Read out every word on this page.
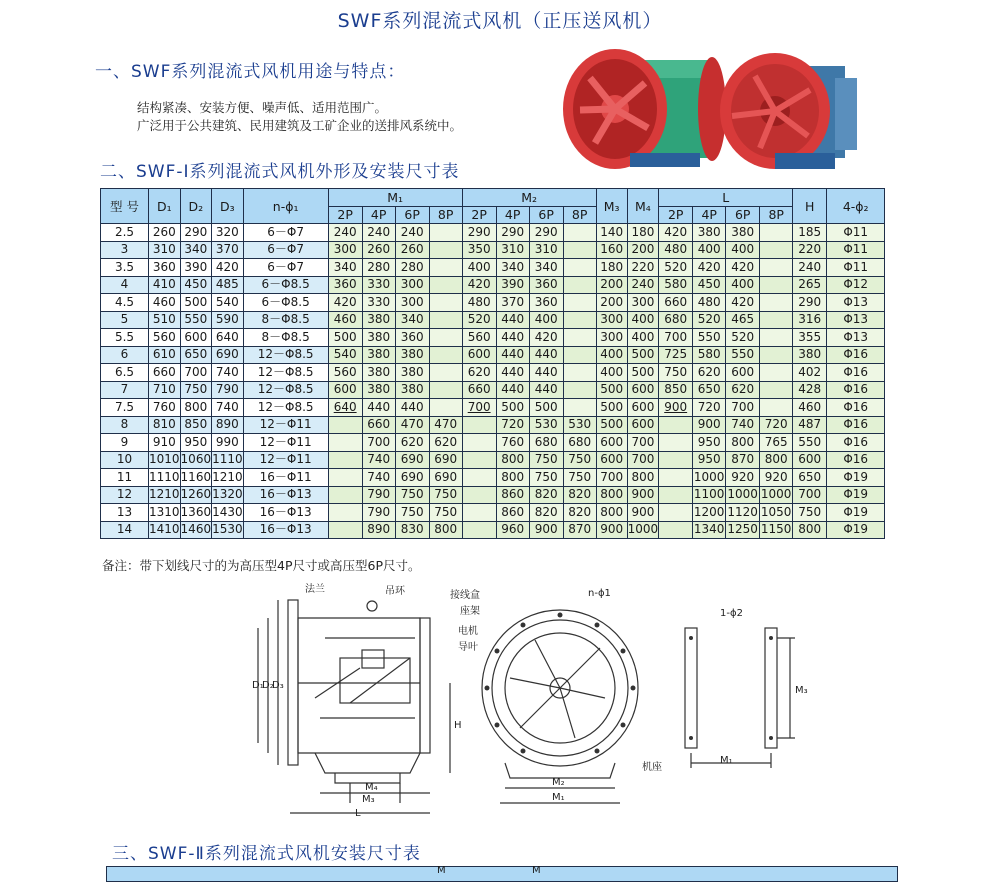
SWF系列混流式风机（正压送风机）
一、SWF系列混流式风机用途与特点：
结构紧凑、安装方便、噪声低、适用范围广。
广泛用于公共建筑、民用建筑及工矿企业的送排风系统中。
二、SWF-Ⅰ系列混流式风机外形及安装尺寸表
型 号	D₁	D₂	D₃	n-ϕ₁	M₁				M₂				M₃	M₄	L				H	4-ϕ₂
					2P	4P	6P	8P	2P	4P	6P	8P			2P	4P	6P	8P		
2.5	260	290	320	6－Φ7	240	240	240		290	290	290		140	180	420	380	380		185	Φ11
3	310	340	370	6－Φ7	300	260	260		350	310	310		160	200	480	400	400		220	Φ11
3.5	360	390	420	6－Φ7	340	280	280		400	340	340		180	220	520	420	420		240	Φ11
4	410	450	485	6－Φ8.5	360	330	300		420	390	360		200	240	580	450	400		265	Φ12
4.5	460	500	540	6－Φ8.5	420	330	300		480	370	360		200	300	660	480	420		290	Φ13
5	510	550	590	8－Φ8.5	460	380	340		520	440	400		300	400	680	520	465		316	Φ13
5.5	560	600	640	8－Φ8.5	500	380	360		560	440	420		300	400	700	550	520		355	Φ13
6	610	650	690	12－Φ8.5	540	380	380		600	440	440		400	500	725	580	550		380	Φ16
6.5	660	700	740	12－Φ8.5	560	380	380		620	440	440		400	500	750	620	600		402	Φ16
7	710	750	790	12－Φ8.5	600	380	380		660	440	440		500	600	850	650	620		428	Φ16
7.5	760	800	740	12－Φ8.5	640	440	440		700	500	500		500	600	900	720	700		460	Φ16
8	810	850	890	12－Φ11		660	470	470		720	530	530	500	600		900	740	720	487	Φ16
9	910	950	990	12－Φ11		700	620	620		760	680	680	600	700		950	800	765	550	Φ16
10	1010	1060	1110	12－Φ11		740	690	690		800	750	750	600	700		950	870	800	600	Φ16
11	1110	1160	1210	16－Φ11		740	690	690		800	750	750	700	800		1000	920	920	650	Φ19
12	1210	1260	1320	16－Φ13		790	750	750		860	820	820	800	900		1100	1000	1000	700	Φ19
13	1310	1360	1430	16－Φ13		790	750	750		860	820	820	800	900		1200	1120	1050	750	Φ19
14	1410	1460	1530	16－Φ13		890	830	800		960	900	870	900	1000		1340	1250	1150	800	Φ19
备注：带下划线尺寸的为高压型4P尺寸或高压型6P尺寸。
法兰	吊环	接线盒
座架
电机
导叶
D₁
D₂
D₃
H
M₄
M₃
L
n-ϕ1
机座
M₂
M₁
1-ϕ2
M₃
M₁
三、SWF-Ⅱ系列混流式风机安装尺寸表
M	M
